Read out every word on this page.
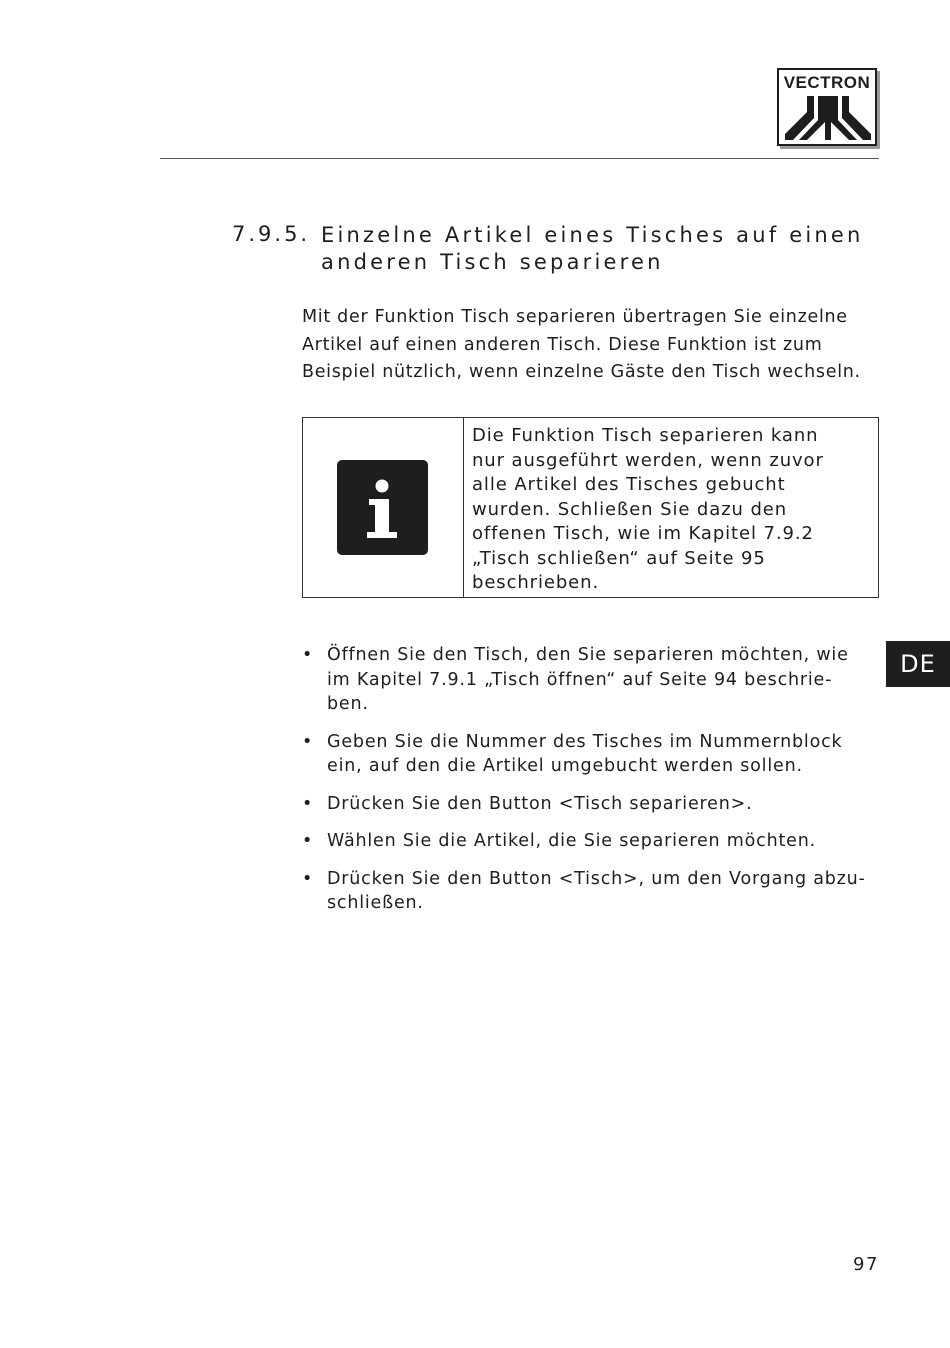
VECTRON
7.9.5. Einzelne Artikel eines Tisches auf einen
anderen Tisch separieren

Mit der Funktion Tisch separieren übertragen Sie einzelne
Artikel auf einen anderen Tisch. Diese Funktion ist zum
Beispiel nützlich, wenn einzelne Gäste den Tisch wechseln.

Die Funktion Tisch separieren kann
nur ausgeführt werden, wenn zuvor
alle Artikel des Tisches gebucht
wurden. Schließen Sie dazu den
offenen Tisch, wie im Kapitel 7.9.2
„Tisch schließen“ auf Seite 95
beschrieben.

• Öffnen Sie den Tisch, den Sie separieren möchten, wie
im Kapitel 7.9.1 „Tisch öffnen“ auf Seite 94 beschrie-
ben.
• Geben Sie die Nummer des Tisches im Nummernblock
ein, auf den die Artikel umgebucht werden sollen.
• Drücken Sie den Button <Tisch separieren>.
• Wählen Sie die Artikel, die Sie separieren möchten.
• Drücken Sie den Button <Tisch>, um den Vorgang abzu-
schließen.
DE
97
